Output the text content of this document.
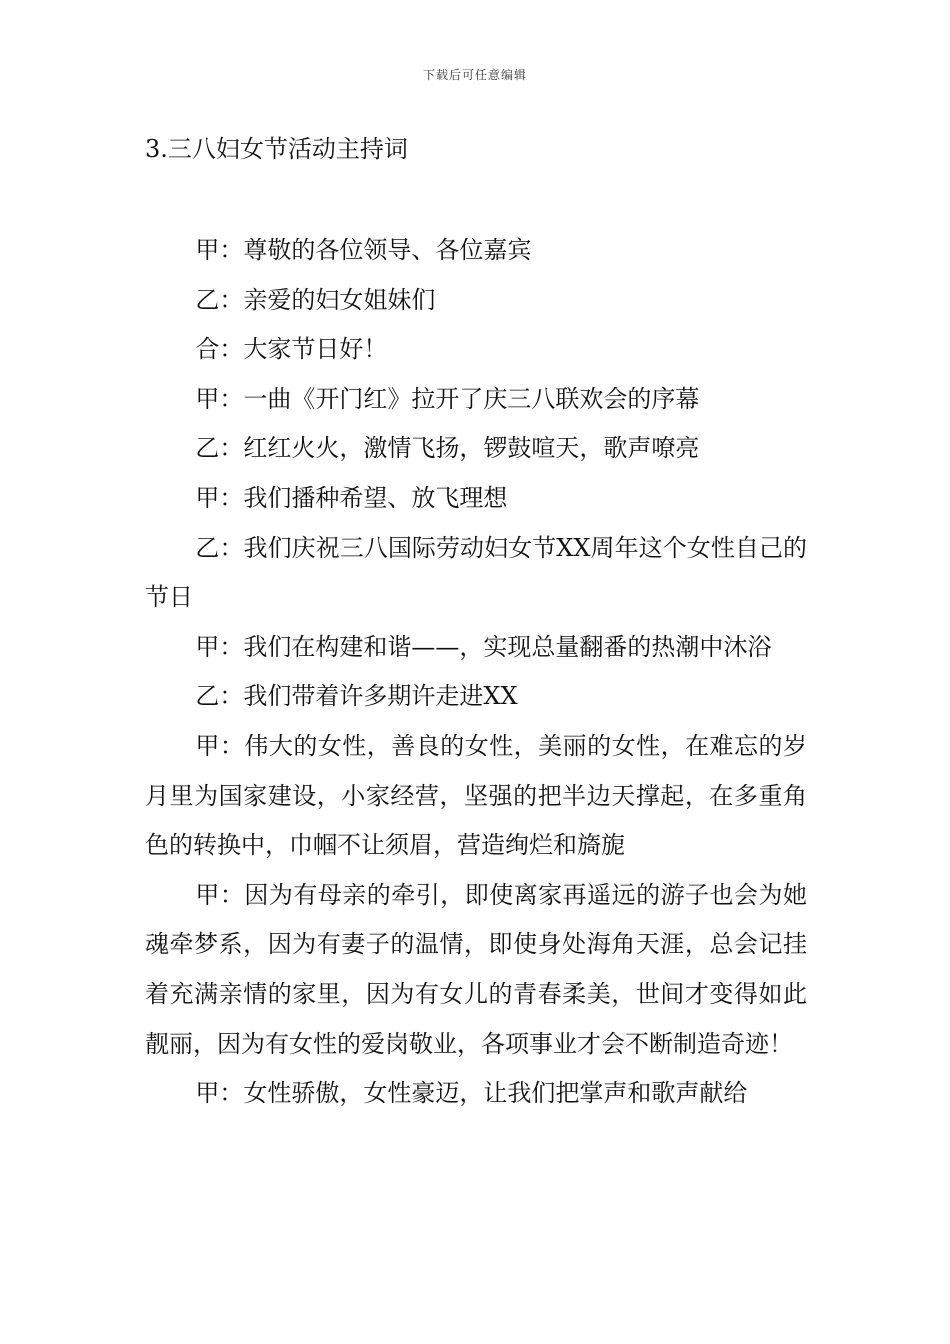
下载后可任意编辑
3.三八妇女节活动主持词

甲：尊敬的各位领导、各位嘉宾

乙：亲爱的妇女姐妹们

合：大家节日好！

甲：一曲《开门红》拉开了庆三八联欢会的序幕

乙：红红火火，激情飞扬，锣鼓喧天，歌声嘹亮

甲：我们播种希望、放飞理想

乙：我们庆祝三八国际劳动妇女节XX周年这个女性自己的节日

甲：我们在构建和谐——，实现总量翻番的热潮中沐浴

乙：我们带着许多期许走进XX

甲：伟大的女性，善良的女性，美丽的女性，在难忘的岁月里为国家建设，小家经营，坚强的把半边天撑起，在多重角色的转换中，巾帼不让须眉，营造绚烂和旖旎

甲：因为有母亲的牵引，即使离家再遥远的游子也会为她魂牵梦系，因为有妻子的温情，即使身处海角天涯，总会记挂着充满亲情的家里，因为有女儿的青春柔美，世间才变得如此靓丽，因为有女性的爱岗敬业，各项事业才会不断制造奇迹！

甲：女性骄傲，女性豪迈，让我们把掌声和歌声献给
